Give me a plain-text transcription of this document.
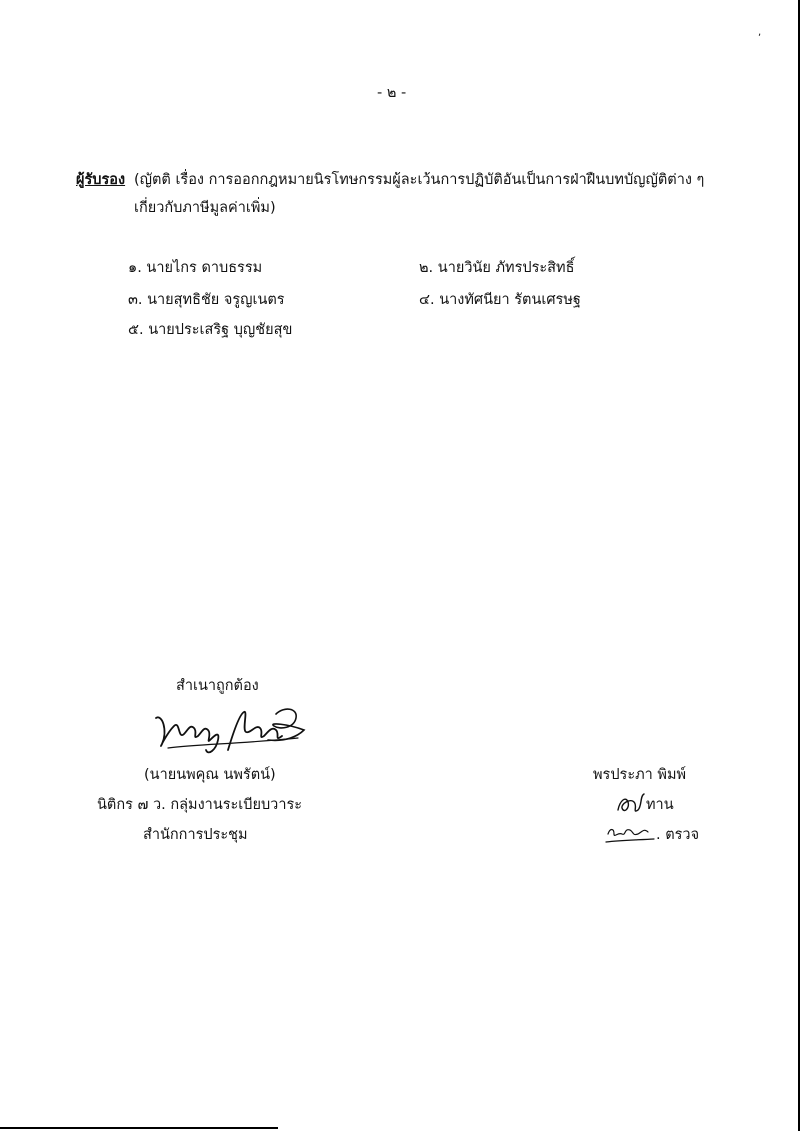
,
- ๒ -
ผู้รับรอง (ญัตติ เรื่อง การออกกฎหมายนิรโทษกรรมผู้ละเว้นการปฏิบัติอันเป็นการฝ่าฝืนบทบัญญัติต่าง ๆ
เกี่ยวกับภาษีมูลค่าเพิ่ม)
๑. นายไกร ดาบธรรม	๒. นายวินัย ภัทรประสิทธิ์
๓. นายสุทธิชัย จรูญเนตร	๔. นางทัศนียา รัตนเศรษฐ
๕. นายประเสริฐ บุญชัยสุข
สำเนาถูกต้อง
(นายนพคุณ นพรัตน์)
นิติกร ๗ ว. กลุ่มงานระเบียบวาระ
สำนักการประชุม
พรประภา พิมพ์
ทาน
. ตรวจ
